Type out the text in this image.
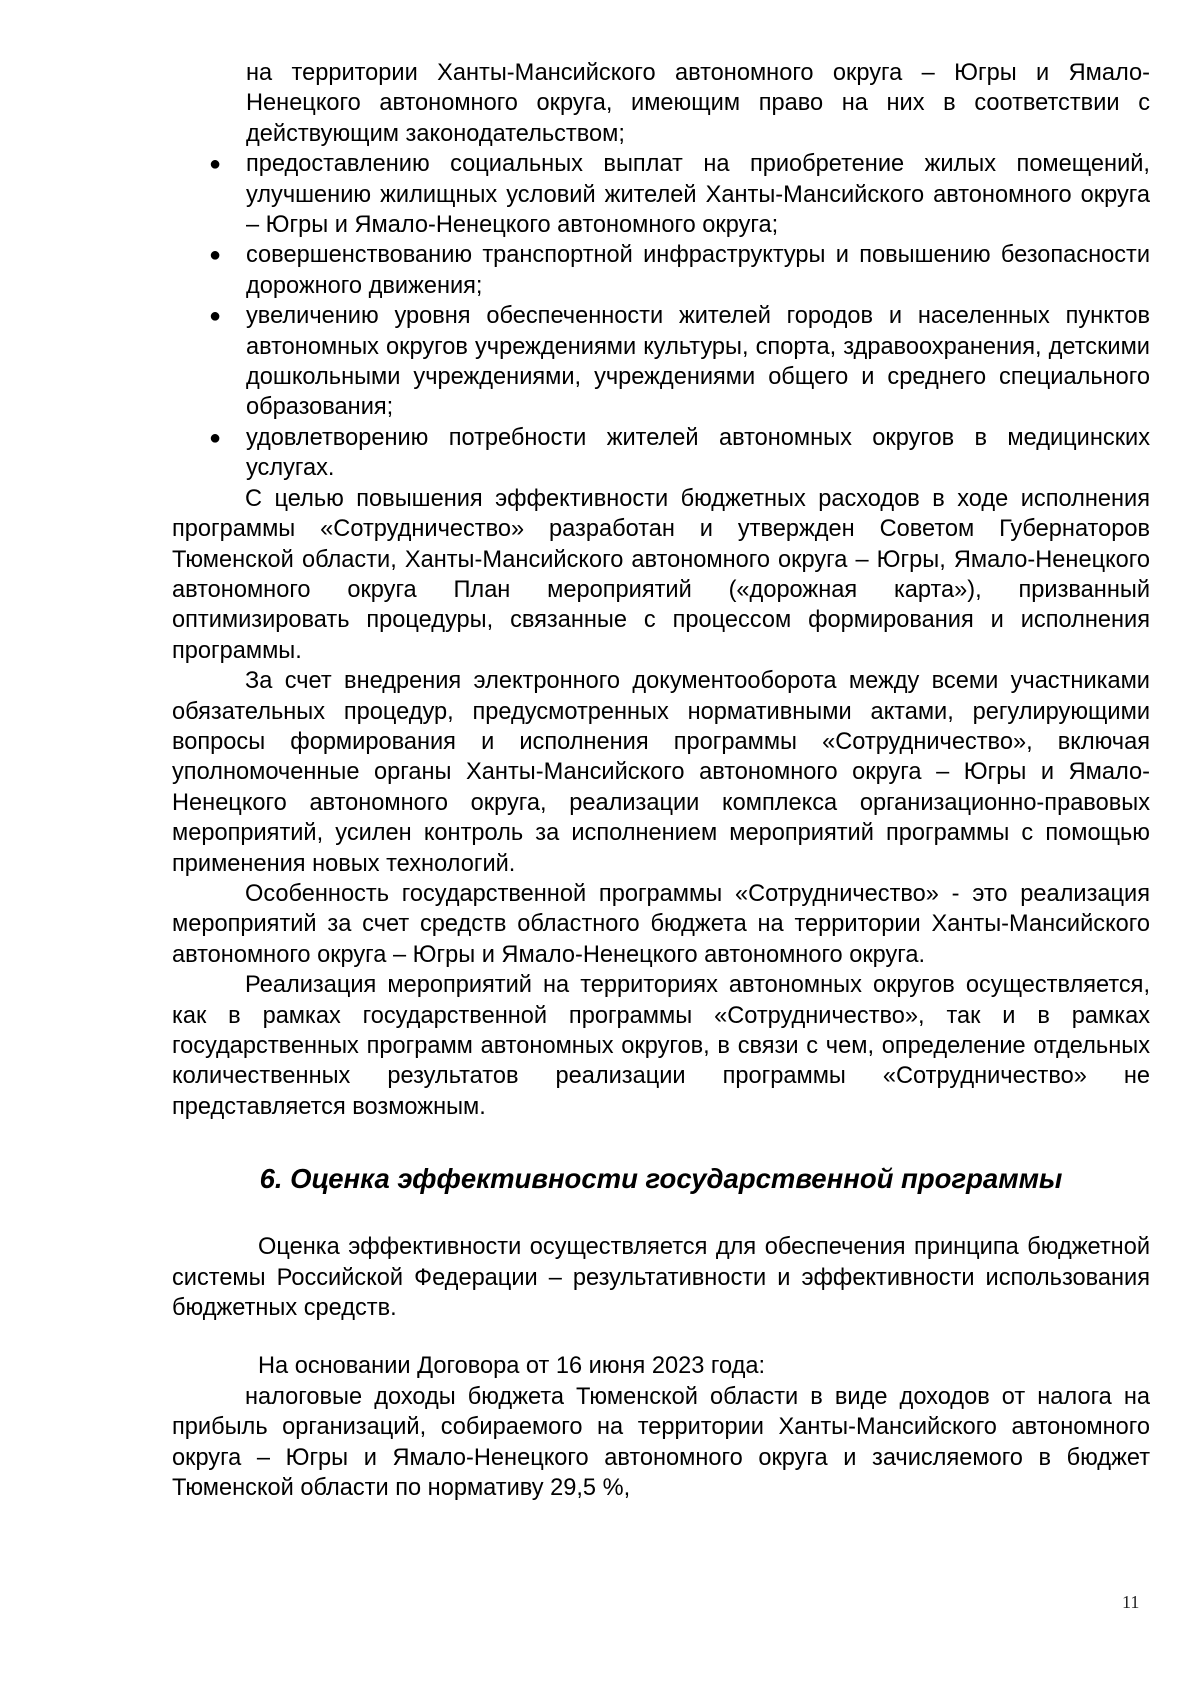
на территории Ханты-Мансийского автономного округа – Югры и Ямало-Ненецкого автономного округа, имеющим право на них в соответствии с действующим законодательством;

● предоставлению социальных выплат на приобретение жилых помещений, улучшению жилищных условий жителей Ханты-Мансийского автономного округа – Югры и Ямало-Ненецкого автономного округа;
● совершенствованию транспортной инфраструктуры и повышению безопасности дорожного движения;
● увеличению уровня обеспеченности жителей городов и населенных пунктов автономных округов учреждениями культуры, спорта, здравоохранения, детскими дошкольными учреждениями, учреждениями общего и среднего специального образования;
● удовлетворению потребности жителей автономных округов в медицинских услугах.

С целью повышения эффективности бюджетных расходов в ходе исполнения программы «Сотрудничество» разработан и утвержден Советом Губернаторов Тюменской области, Ханты-Мансийского автономного округа – Югры, Ямало-Ненецкого автономного округа План мероприятий («дорожная карта»), призванный оптимизировать процедуры, связанные с процессом формирования и исполнения программы.

За счет внедрения электронного документооборота между всеми участниками обязательных процедур, предусмотренных нормативными актами, регулирующими вопросы формирования и исполнения программы «Сотрудничество», включая уполномоченные органы Ханты-Мансийского автономного округа – Югры и Ямало-Ненецкого автономного округа, реализации комплекса организационно-правовых мероприятий, усилен контроль за исполнением мероприятий программы с помощью применения новых технологий.

Особенность государственной программы «Сотрудничество» - это реализация мероприятий за счет средств областного бюджета на территории Ханты-Мансийского автономного округа – Югры и Ямало-Ненецкого автономного округа.

Реализация мероприятий на территориях автономных округов осуществляется, как в рамках государственной программы «Сотрудничество», так и в рамках государственных программ автономных округов, в связи с чем, определение отдельных количественных результатов реализации программы «Сотрудничество» не представляется возможным.

6. Оценка эффективности государственной программы

Оценка эффективности осуществляется для обеспечения принципа бюджетной системы Российской Федерации – результативности и эффективности использования бюджетных средств.

На основании Договора от 16 июня 2023 года:

налоговые доходы бюджета Тюменской области в виде доходов от налога на прибыль организаций, собираемого на территории Ханты-Мансийского автономного округа – Югры и Ямало-Ненецкого автономного округа и зачисляемого в бюджет Тюменской области по нормативу 29,5 %,

11
